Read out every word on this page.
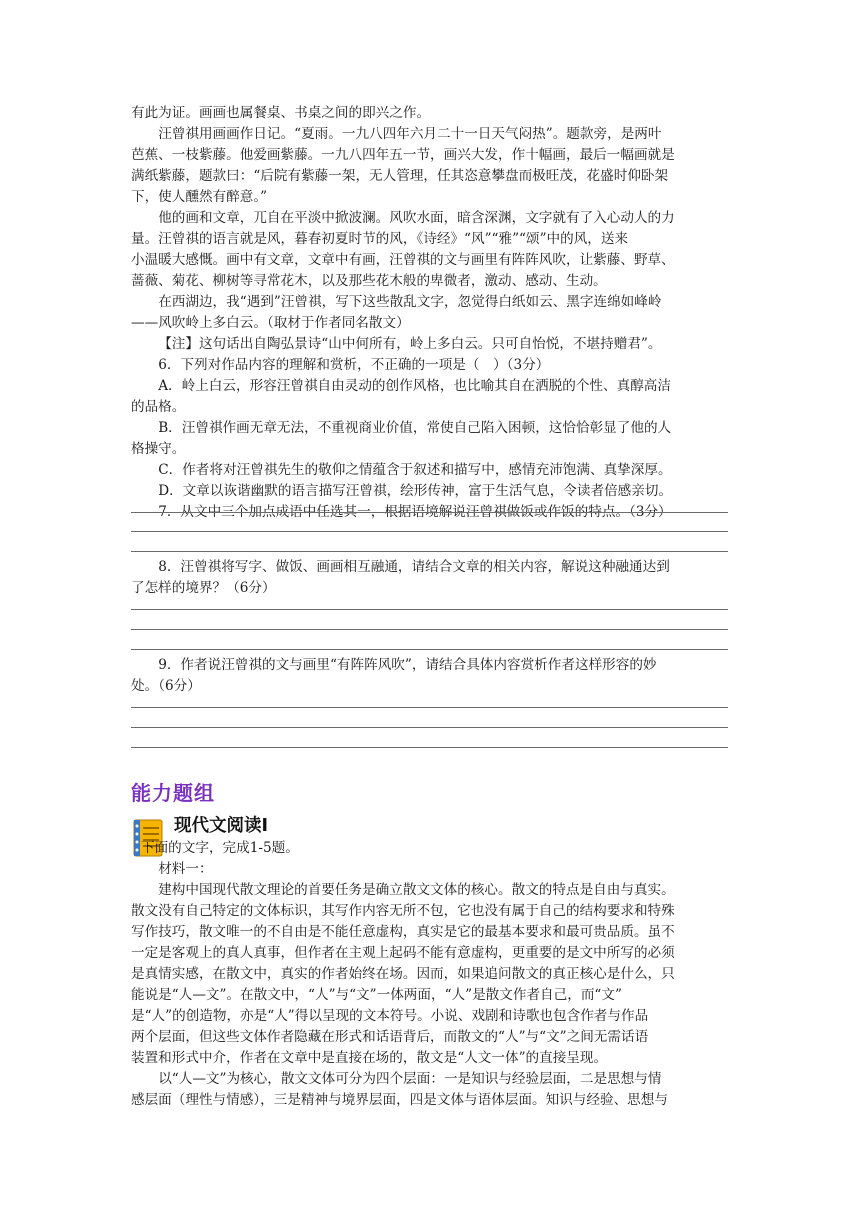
有此为证。画画也属餐桌、书桌之间的即兴之作。
汪曾祺用画画作日记。“夏雨。一九八四年六月二十一日天气闷热”。题款旁，是两叶
芭蕉、一枝紫藤。他爱画紫藤。一九八四年五一节，画兴大发，作十幅画，最后一幅画就是
满纸紫藤，题款曰：“后院有紫藤一架，无人管理，任其恣意攀盘而极旺茂，花盛时仰卧架
下，使人醺然有醉意。”
他的画和文章，兀自在平淡中掀波澜。风吹水面，暗含深渊，文字就有了入心动人的力
量。汪曾祺的语言就是风，暮春初夏时节的风，《诗经》“风”“雅”“颂”中的风，送来
小温暖大感慨。画中有文章，文章中有画，汪曾祺的文与画里有阵阵风吹，让紫藤、野草、
蔷薇、菊花、柳树等寻常花木，以及那些花木般的卑微者，激动、感动、生动。
在西湖边，我“遇到”汪曾祺，写下这些散乱文字，忽觉得白纸如云、黑字连绵如峰岭
——风吹岭上多白云。（取材于作者同名散文）
【注】这句话出自陶弘景诗“山中何所有，岭上多白云。只可自怡悦，不堪持赠君”。
6．下列对作品内容的理解和赏析，不正确的一项是（　）（3分）
A．岭上白云，形容汪曾祺自由灵动的创作风格，也比喻其自在洒脱的个性、真醇高洁
的品格。
B．汪曾祺作画无章无法，不重视商业价值，常使自己陷入困顿，这恰恰彰显了他的人
格操守。
C．作者将对汪曾祺先生的敬仰之情蕴含于叙述和描写中，感情充沛饱满、真挚深厚。
D．文章以诙谐幽默的语言描写汪曾祺，绘形传神，富于生活气息，令读者倍感亲切。
7．从文中三个加点成语中任选其一，根据语境解说汪曾祺做饭或作饭的特点。（3分）
8．汪曾祺将写字、做饭、画画相互融通，请结合文章的相关内容，解说这种融通达到
了怎样的境界？（6分）
9．作者说汪曾祺的文与画里“有阵阵风吹”，请结合具体内容赏析作者这样形容的妙
处。（6分）
能力题组
现代文阅读Ⅰ
下面的文字，完成1-5题。
材料一：
建构中国现代散文理论的首要任务是确立散文文体的核心。散文的特点是自由与真实。
散文没有自己特定的文体标识，其写作内容无所不包，它也没有属于自己的结构要求和特殊
写作技巧，散文唯一的不自由是不能任意虚构，真实是它的最基本要求和最可贵品质。虽不
一定是客观上的真人真事，但作者在主观上起码不能有意虚构，更重要的是文中所写的必须
是真情实感，在散文中，真实的作者始终在场。因而，如果追问散文的真正核心是什么，只
能说是“人—文”。在散文中，“人”与“文”一体两面，“人”是散文作者自己，而“文”
是“人”的创造物，亦是“人”得以呈现的文本符号。小说、戏剧和诗歌也包含作者与作品
两个层面，但这些文体作者隐藏在形式和话语背后，而散文的“人”与“文”之间无需话语
装置和形式中介，作者在文章中是直接在场的，散文是“人文一体”的直接呈现。
以“人—文”为核心，散文文体可分为四个层面：一是知识与经验层面，二是思想与情
感层面（理性与情感），三是精神与境界层面，四是文体与语体层面。知识与经验、思想与
